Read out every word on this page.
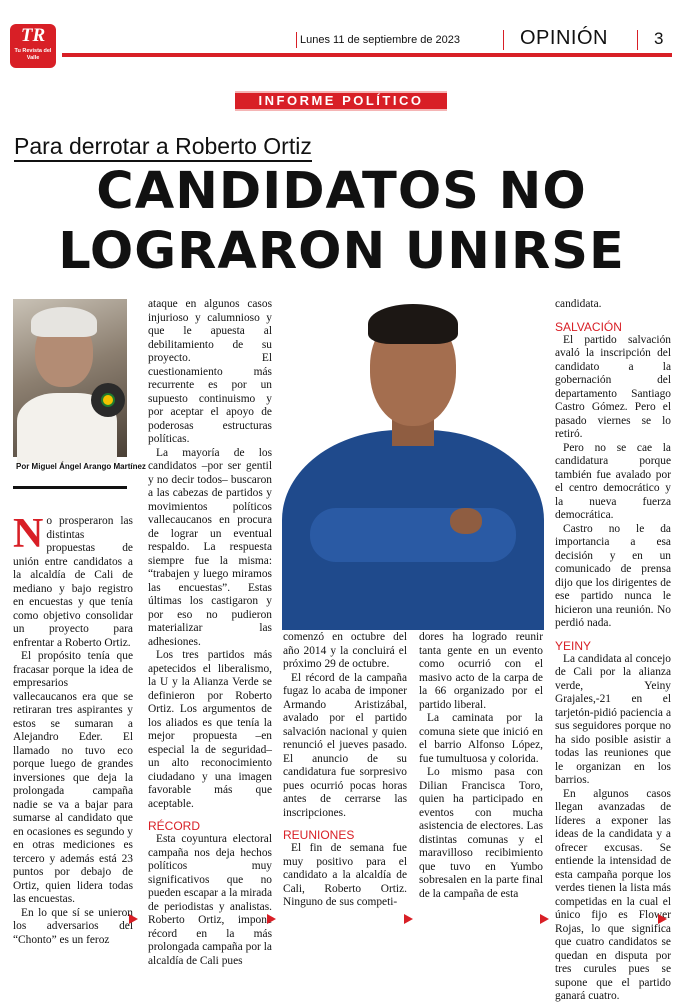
TR
Tu Revista del Valle
Lunes 11 de septiembre de 2023	OPINIÓN	3
INFORME POLÍTICO
Para derrotar a Roberto Ortiz
CANDIDATOS NO
LOGRARON UNIRSE
Por Miguel Ángel Arango Martínez

No prosperaron las distintas propuestas de unión entre candidatos a la alcaldía de Cali de mediano y bajo registro en encuestas y que tenía como objetivo consolidar un proyecto para enfrentar a Roberto Ortiz.

El propósito tenía que fracasar porque la idea de empresarios vallecaucanos era que se retiraran tres aspirantes y estos se sumaran a Alejandro Eder. El llamado no tuvo eco porque luego de grandes inversiones que deja la prolongada campaña nadie se va a bajar para sumarse al candidato que en ocasiones es segundo y en otras mediciones es tercero y además está 23 puntos por debajo de Ortiz, quien lidera todas las encuestas.

En lo que sí se unieron los adversarios del “Chonto” es un feroz

ataque en algunos casos injurioso y calumnioso y que le apuesta al debilitamiento de su proyecto. El cuestionamiento más recurrente es por un supuesto continuismo y por aceptar el apoyo de poderosas estructuras políticas.

La mayoría de los candidatos –por ser gentil y no decir todos– buscaron a las cabezas de partidos y movimientos políticos vallecaucanos en procura de lograr un eventual respaldo. La respuesta siempre fue la misma: “trabajen y luego miramos las encuestas”. Estas últimas los castigaron y por eso no pudieron materializar las adhesiones.

Los tres partidos más apetecidos el liberalismo, la U y la Alianza Verde se definieron por Roberto Ortiz. Los argumentos de los aliados es que tenía la mejor propuesta –en especial la de seguridad– un alto reconocimiento ciudadano y una imagen favorable más que aceptable.

RÉCORD

Esta coyuntura electoral campaña nos deja hechos políticos muy significativos que no pueden escapar a la mirada de periodistas y analistas. Roberto Ortiz, impone récord en la más prolongada campaña por la alcaldía de Cali pues

comenzó en octubre del año 2014 y la concluirá el próximo 29 de octubre.

El récord de la campaña fugaz lo acaba de imponer Armando Aristizábal, avalado por el partido salvación nacional y quien renunció el jueves pasado. El anuncio de su candidatura fue sorpresivo pues ocurrió pocas horas antes de cerrarse las inscripciones.

REUNIONES

El fin de semana fue muy positivo para el candidato a la alcaldía de Cali, Roberto Ortiz. Ninguno de sus competi-

dores ha logrado reunir tanta gente en un evento como ocurrió con el masivo acto de la carpa de la 66 organizado por el partido liberal.

La caminata por la comuna siete que inició en el barrio Alfonso López, fue tumultuosa y colorida.

Lo mismo pasa con Dilian Francisca Toro, quien ha participado en eventos con mucha asistencia de electores. Las distintas comunas y el maravilloso recibimiento que tuvo en Yumbo sobresalen en la parte final de la campaña de esta

candidata.

SALVACIÓN

El partido salvación avaló la inscripción del candidato a la gobernación del departamento Santiago Castro Gómez. Pero el pasado viernes se lo retiró.

Pero no se cae la candidatura porque también fue avalado por el centro democrático y la nueva fuerza democrática.

Castro no le da importancia a esa decisión y en un comunicado de prensa dijo que los dirigentes de ese partido nunca le hicieron una reunión. No perdió nada.

YEINY

La candidata al concejo de Cali por la alianza verde, Yeiny Grajales,-21 en el tarjetón-pidió paciencia a sus seguidores porque no ha sido posible asistir a todas las reuniones que le organizan en los barrios.

En algunos casos llegan avanzadas de líderes a exponer las ideas de la candidata y a ofrecer excusas. Se entiende la intensidad de esta campaña porque los verdes tienen la lista más competidas en la cual el único fijo es Flower Rojas, lo que significa que cuatro candidatos se quedan en disputa por tres curules pues se supone que el partido ganará cuatro.
